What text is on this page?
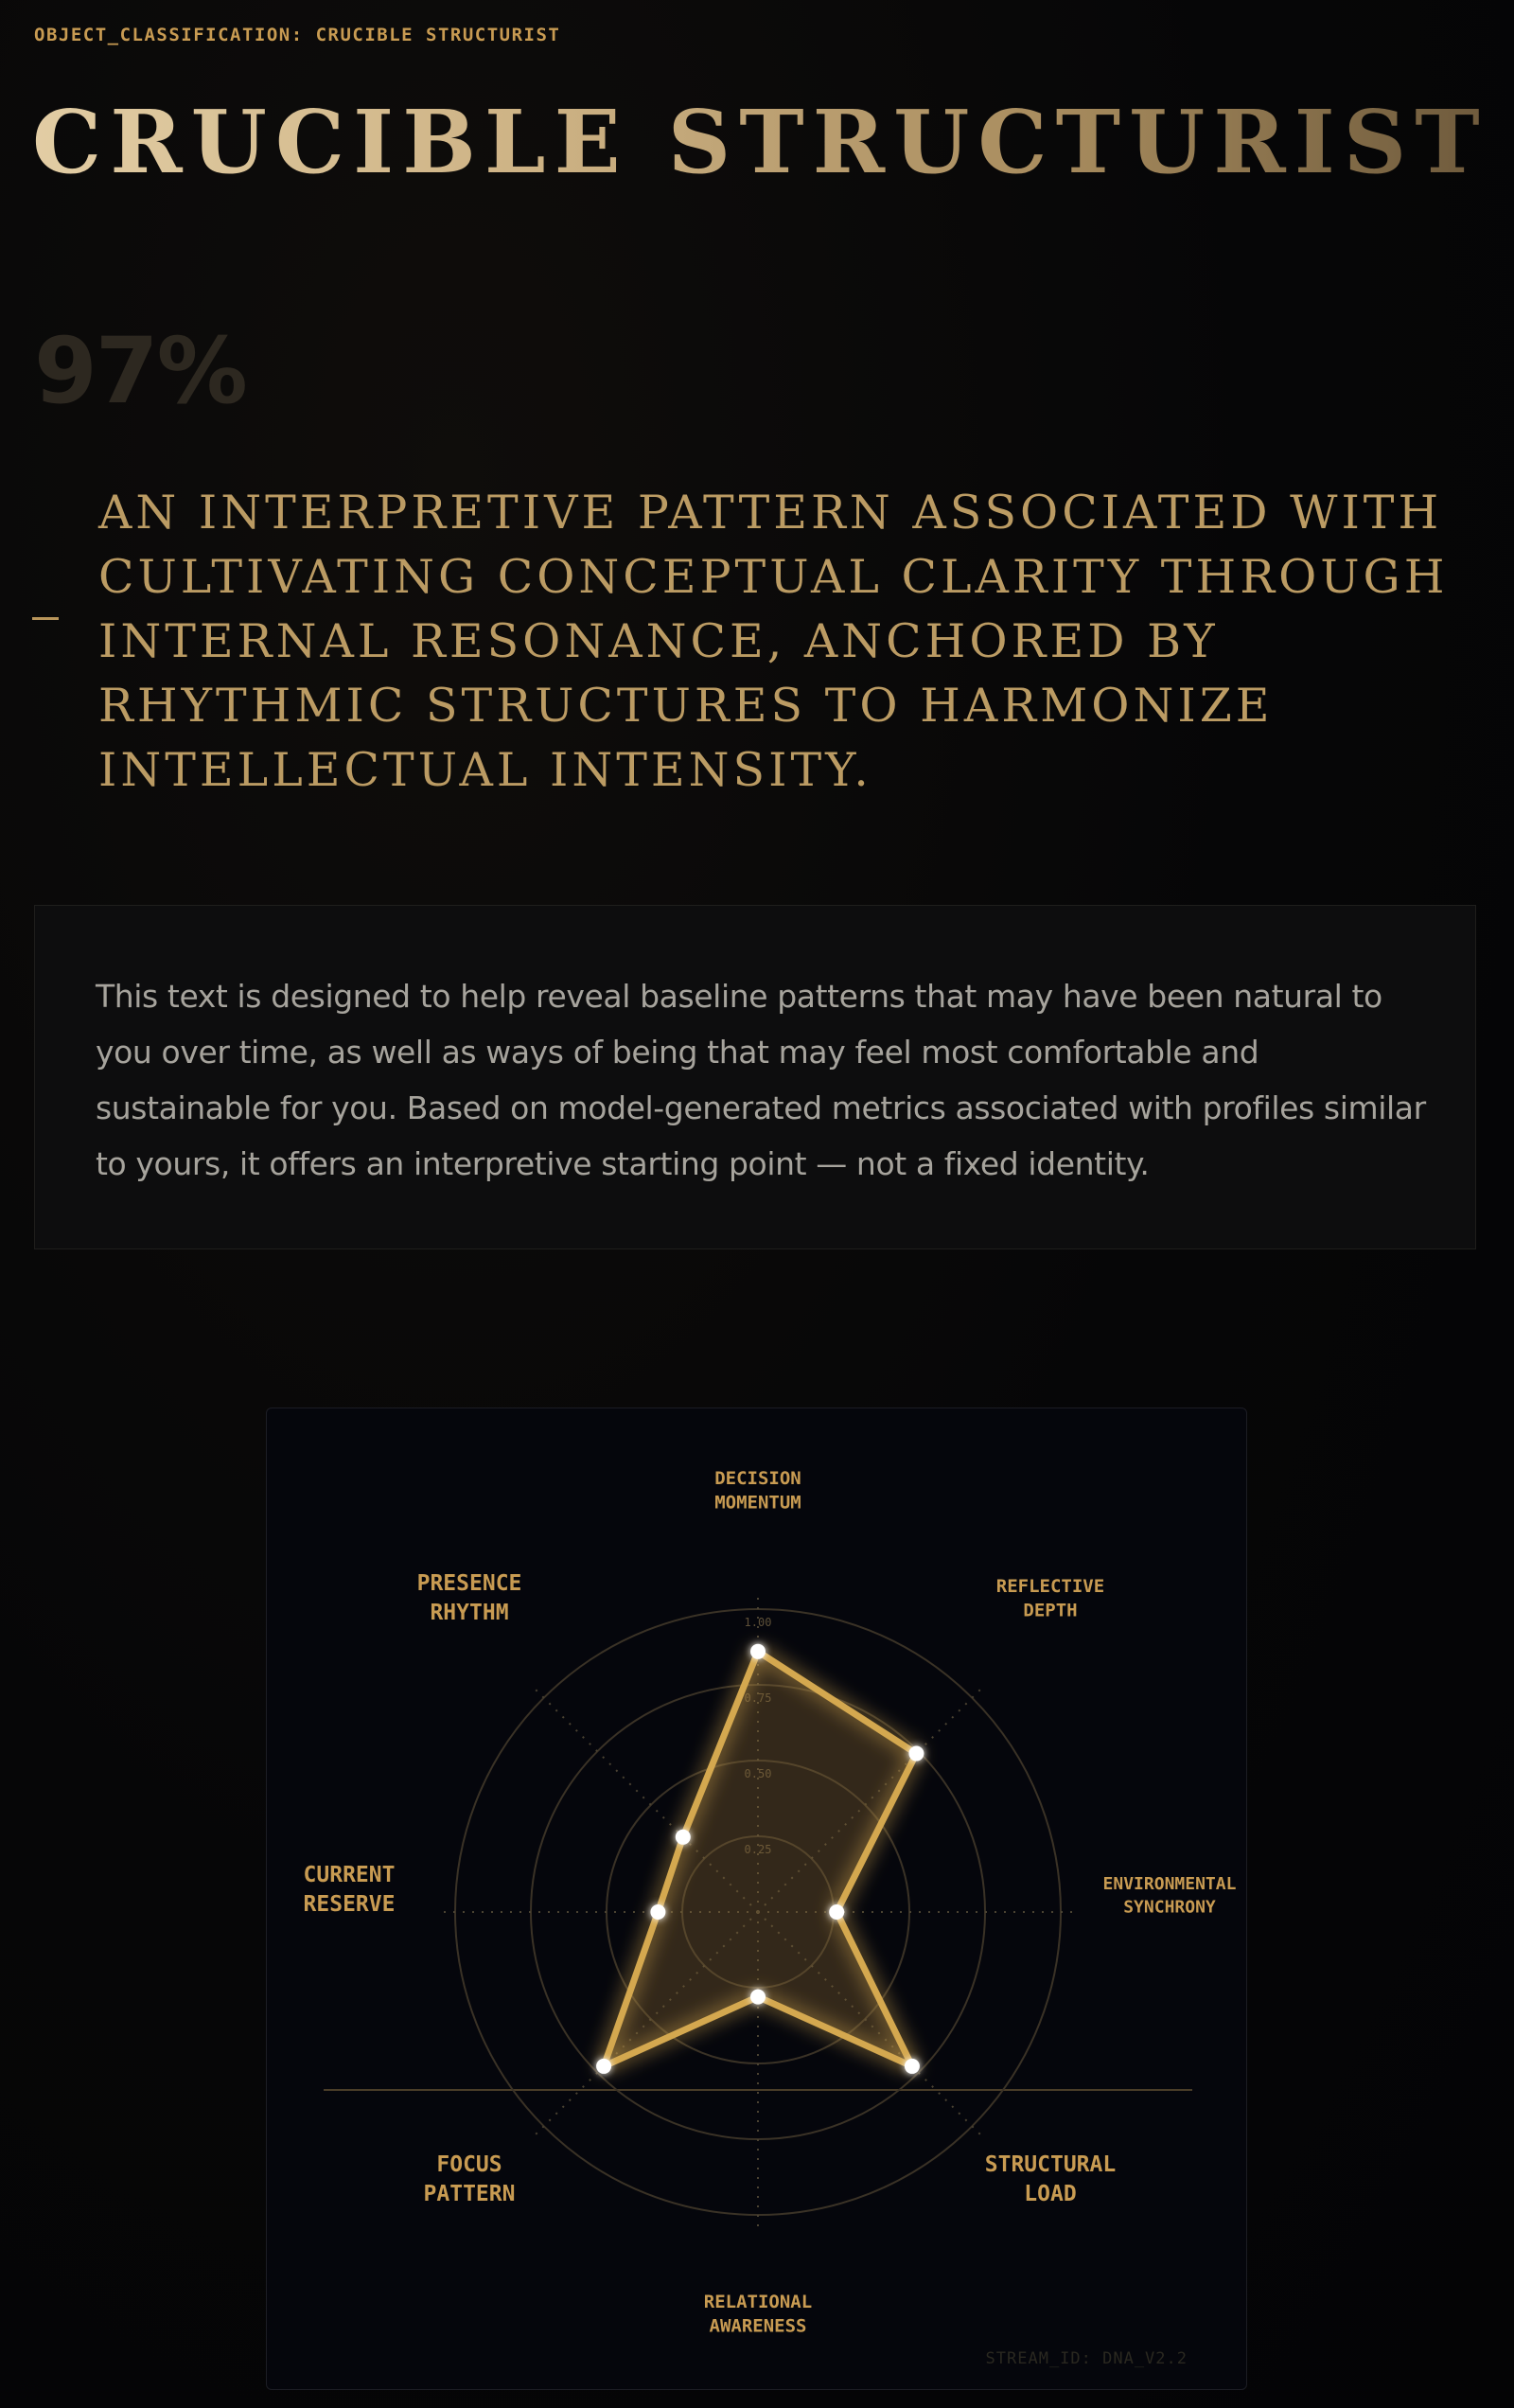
OBJECT_CLASSIFICATION: CRUCIBLE STRUCTURIST
CRUCIBLE STRUCTURIST
97%
AN INTERPRETIVE PATTERN ASSOCIATED WITH CULTIVATING CONCEPTUAL CLARITY THROUGH INTERNAL RESONANCE, ANCHORED BY RHYTHMIC STRUCTURES TO HARMONIZE INTELLECTUAL INTENSITY.
This text is designed to help reveal baseline patterns that may have been natural to you over time, as well as ways of being that may feel most comfortable and sustainable for you. Based on model-generated metrics associated with profiles similar to yours, it offers an interpretive starting point — not a fixed identity.
0.25
0.50
0.75
1.00
DECISION MOMENTUM
REFLECTIVE DEPTH
ENVIRONMENTAL SYNCHRONY
STRUCTURAL LOAD
RELATIONAL AWARENESS
FOCUS PATTERN
CURRENT RESERVE
PRESENCE RHYTHM
STREAM_ID: DNA_V2.2
